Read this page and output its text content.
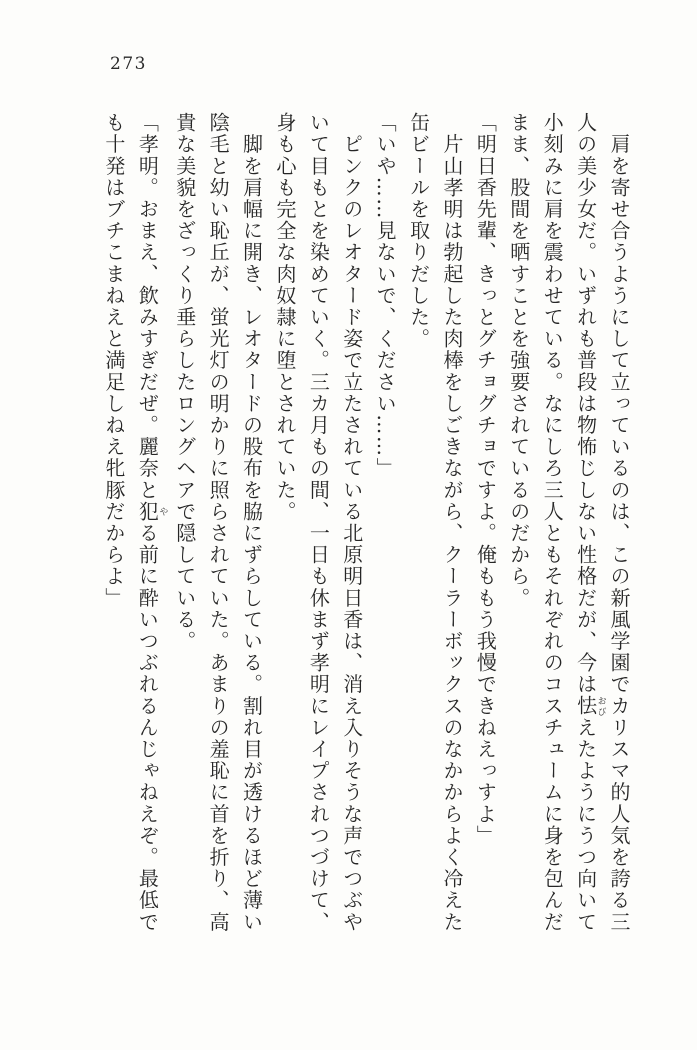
273

　肩を寄せ合うようにして立っているのは、この新風学園でカリスマ的人気を誇る三人の美少女だ。いずれも普段は物怖じしない性格だが、今は怯おびえたようにうつ向いて小刻みに肩を震わせている。なにしろ三人ともそれぞれのコスチュームに身を包んだまま、股間を晒すことを強要されているのだから。

「明日香先輩、きっとグチョグチョですよ。俺ももう我慢できねえっすよ」

　片山孝明は勃起した肉棒をしごきながら、クーラーボックスのなかからよく冷えた缶ビールを取りだした。

「いや……見ないで、ください……」

　ピンクのレオタード姿で立たされている北原明日香は、消え入りそうな声でつぶやいて目もとを染めていく。三カ月もの間、一日も休まず孝明にレイプされつづけて、身も心も完全な肉奴隷に堕とされていた。

　脚を肩幅に開き、レオタードの股布を脇にずらしている。割れ目が透けるほど薄い陰毛と幼い恥丘が、蛍光灯の明かりに照らされていた。あまりの羞恥に首を折り、高貴な美貌をざっくり垂らしたロングヘアで隠している。

「孝明。おまえ、飲みすぎだぜ。麗奈と犯やる前に酔いつぶれるんじゃねえぞ。最低でも十発はブチこまねえと満足しねえ牝豚だからよ」
